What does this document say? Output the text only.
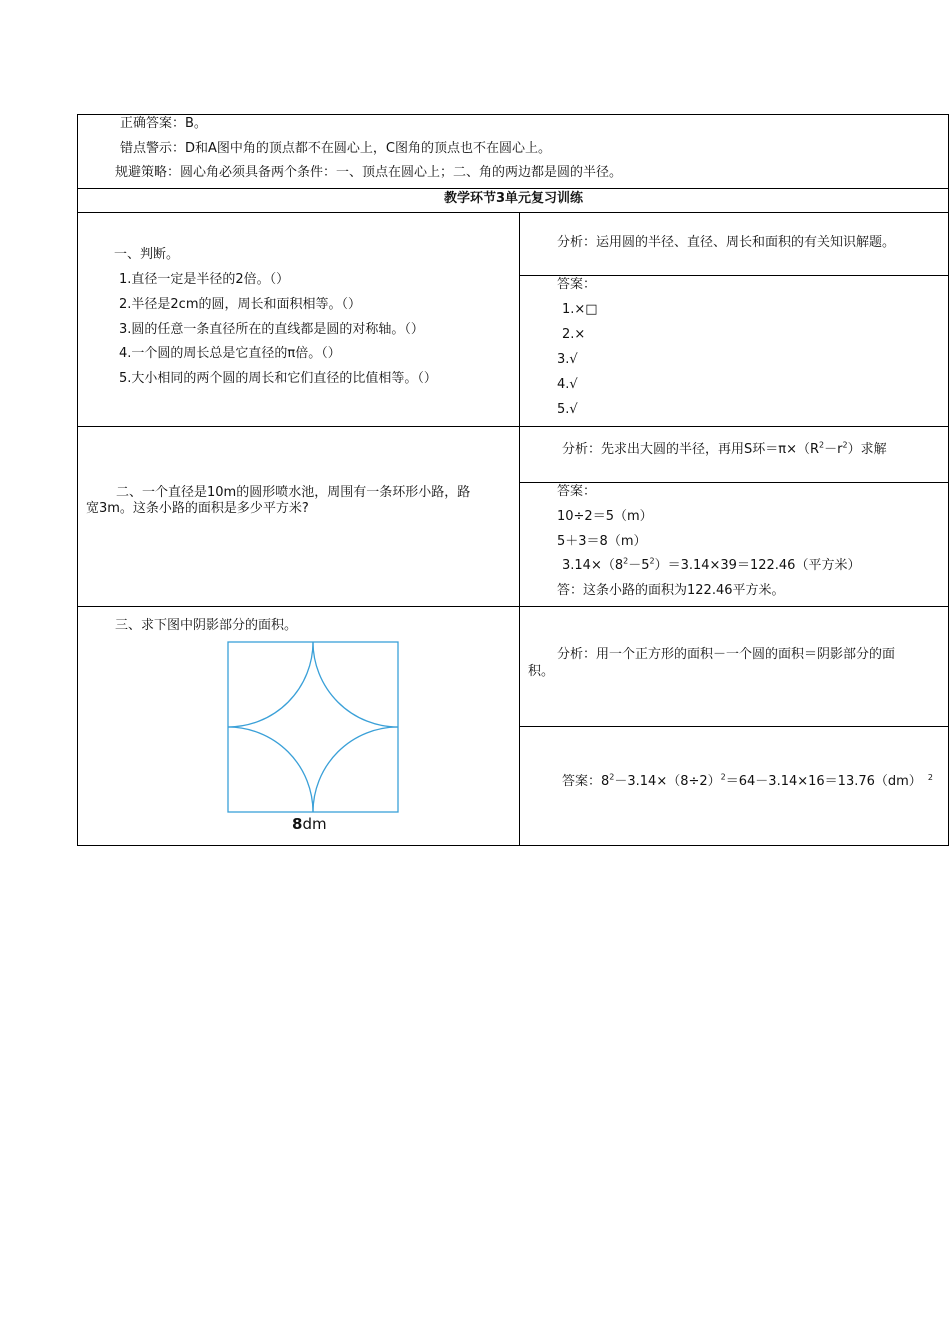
正确答案：B。
错点警示：D和A图中角的顶点都不在圆心上，C图角的顶点也不在圆心上。
规避策略：圆心角必须具备两个条件：一、顶点在圆心上；二、角的两边都是圆的半径。
教学环节3单元复习训练
一、判断。
1.直径一定是半径的2倍。（）
2.半径是2cm的圆，周长和面积相等。（）
3.圆的任意一条直径所在的直线都是圆的对称轴。（）
4.一个圆的周长总是它直径的π倍。（）
5.大小相同的两个圆的周长和它们直径的比值相等。（）
分析：运用圆的半径、直径、周长和面积的有关知识解题。
答案：
1.×□
2.×
3.√
4.√
5.√
二、一个直径是10m的圆形喷水池，周围有一条环形小路，路
宽3m。这条小路的面积是多少平方米?
分析：先求出大圆的半径，再用S环$=\pi\times(R^2-r^2)$求解
答案：
10÷2＝5（m）
5＋3＝8（m）
$3.14\times(8^2-5^2)=3.14\times 39=122.46$（平方米）
答：这条小路的面积为122.46平方米。
三、求下图中阴影部分的面积。
8dm
分析：用一个正方形的面积－一个圆的面积＝阴影部分的面
积。
答案：$8^2-3.14\times(8\div 2)^2=64-3.14\times 16=13.76(dm)$ $^2$
